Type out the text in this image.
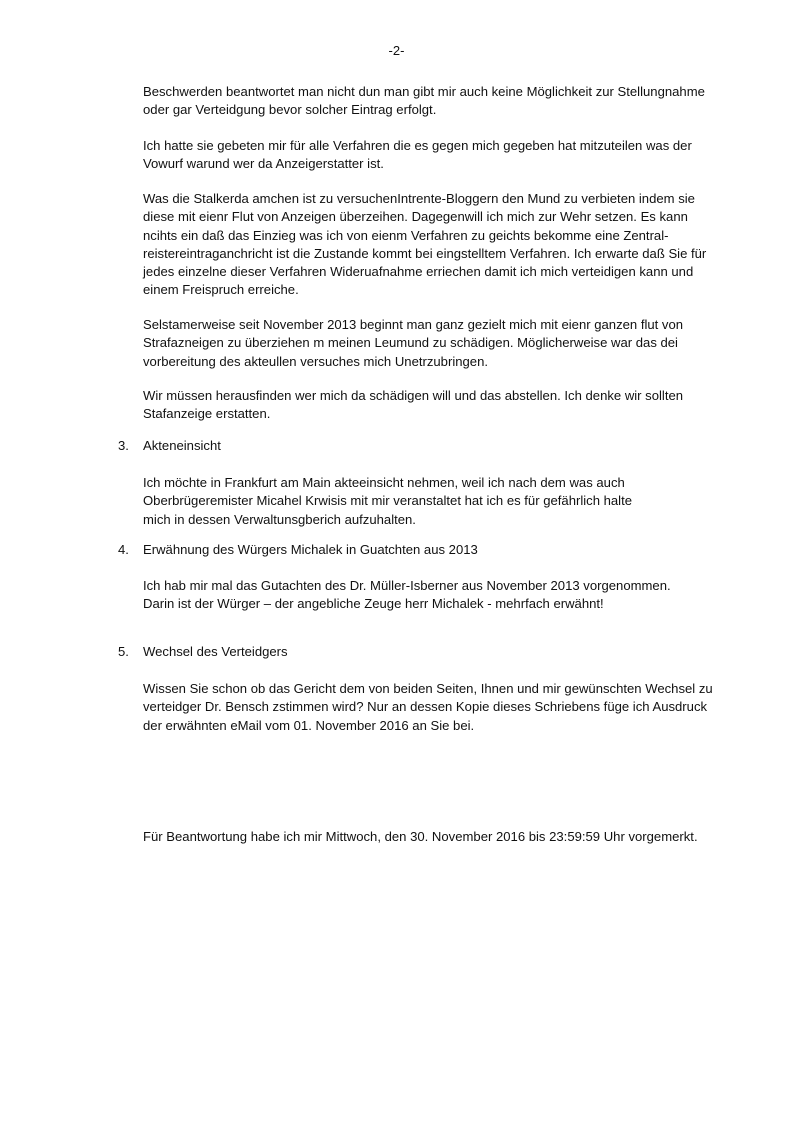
-2-
Beschwerden beantwortet man nicht dun man gibt mir auch keine Möglichkeit zur Stellungnahme
oder gar Verteidgung bevor solcher Eintrag erfolgt.
Ich hatte sie gebeten mir für alle Verfahren die es gegen mich gegeben hat mitzuteilen was der
Vowurf warund wer da Anzeigerstatter ist.
Was die Stalkerda amchen ist zu versuchenIntrente-Bloggern den Mund zu verbieten indem sie
diese mit eienr Flut von Anzeigen überzeihen. Dagegenwill ich mich zur Wehr setzen. Es kann
ncihts ein daß das Einzieg was ich von eienm Verfahren zu geichts bekomme eine Zentral-
reistereintraganchricht ist die Zustande kommt bei eingstelltem Verfahren. Ich erwarte daß Sie für
jedes einzelne dieser Verfahren Wideruafnahme erriechen damit ich mich verteidigen kann und
einem Freispruch erreiche.
Selstamerweise seit November 2013 beginnt man ganz gezielt mich mit eienr ganzen flut von
Strafazneigen zu überziehen m meinen Leumund zu schädigen. Möglicherweise war das dei
vorbereitung des akteullen versuches mich Unetrzubringen.
Wir müssen herausfinden wer mich da schädigen will und das abstellen. Ich denke wir sollten
Stafanzeige erstatten.
3. Akteneinsicht
Ich möchte in Frankfurt am Main akteeinsicht nehmen, weil ich nach dem was auch
Oberbrügeremister Micahel Krwisis mit mir veranstaltet hat ich es für gefährlich halte
mich in dessen Verwaltunsgberich aufzuhalten.
4. Erwähnung des Würgers Michalek in Guatchten aus 2013
Ich hab mir mal das Gutachten des Dr. Müller-Isberner aus November 2013 vorgenommen.
Darin ist der Würger – der angebliche Zeuge herr Michalek - mehrfach erwähnt!
5. Wechsel des Verteidgers
Wissen Sie schon ob das Gericht dem von beiden Seiten, Ihnen und mir gewünschten Wechsel zu
verteidger Dr. Bensch zstimmen wird? Nur an dessen Kopie dieses Schriebens füge ich Ausdruck
der erwähnten eMail vom 01. November 2016 an Sie bei.
Für Beantwortung habe ich mir Mittwoch, den 30. November 2016 bis 23:59:59 Uhr vorgemerkt.
